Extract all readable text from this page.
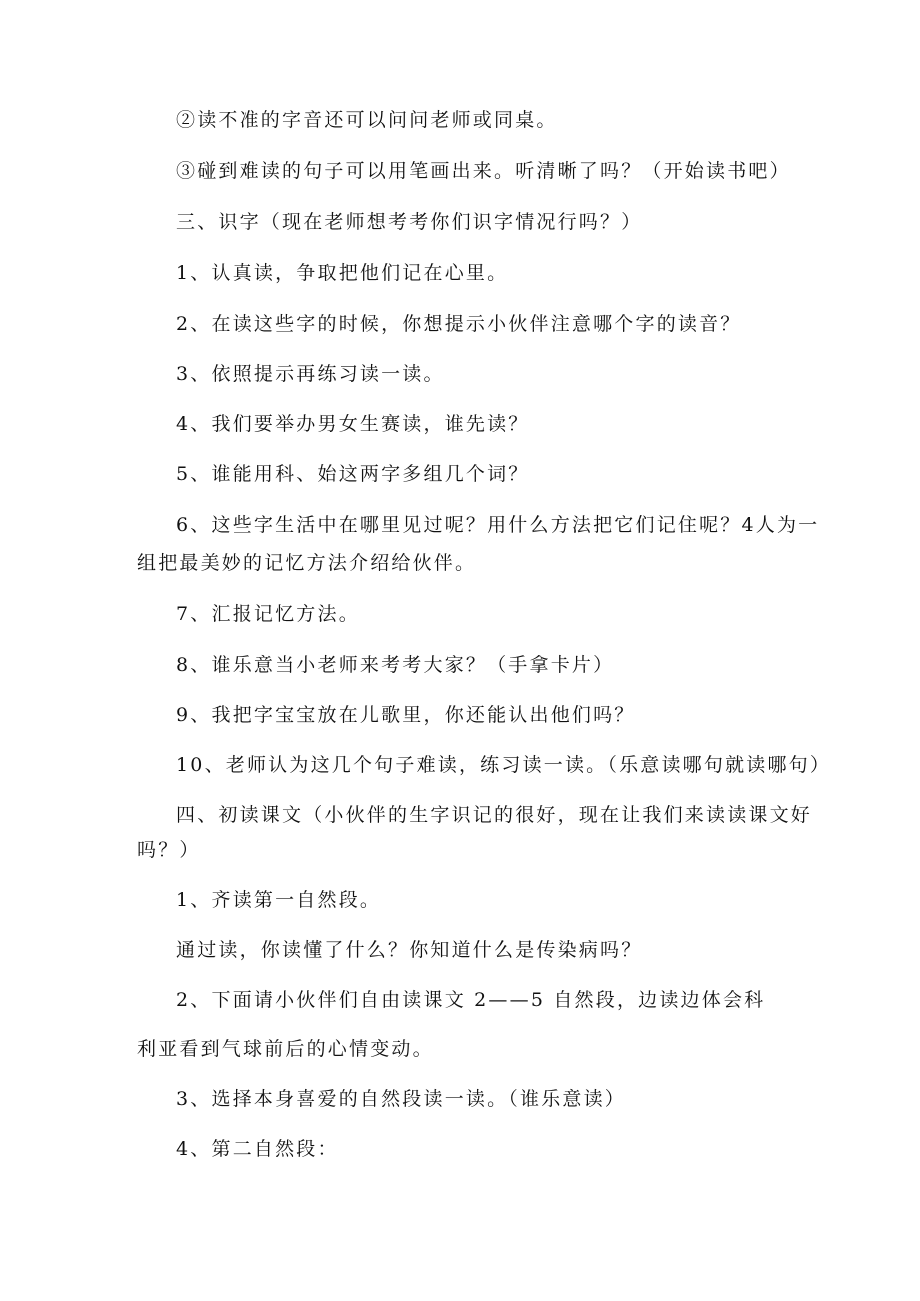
②读不准的字音还可以问问老师或同桌。

③碰到难读的句子可以用笔画出来。听清晰了吗？（开始读书吧）

三、识字（现在老师想考考你们识字情况行吗？）

1、认真读，争取把他们记在心里。

2、在读这些字的时候，你想提示小伙伴注意哪个字的读音？

3、依照提示再练习读一读。

4、我们要举办男女生赛读，谁先读？

5、谁能用科、始这两字多组几个词？

6、这些字生活中在哪里见过呢？用什么方法把它们记住呢？4人为一

组把最美妙的记忆方法介绍给伙伴。

7、汇报记忆方法。

8、谁乐意当小老师来考考大家？（手拿卡片）

9、我把字宝宝放在儿歌里，你还能认出他们吗？

10、老师认为这几个句子难读，练习读一读。（乐意读哪句就读哪句）

四、初读课文（小伙伴的生字识记的很好，现在让我们来读读课文好

吗？）

1、齐读第一自然段。

通过读，你读懂了什么？你知道什么是传染病吗？

2、下面请小伙伴们自由读课文 2——5 自然段，边读边体会科

利亚看到气球前后的心情变动。

3、选择本身喜爱的自然段读一读。（谁乐意读）

4、第二自然段：
